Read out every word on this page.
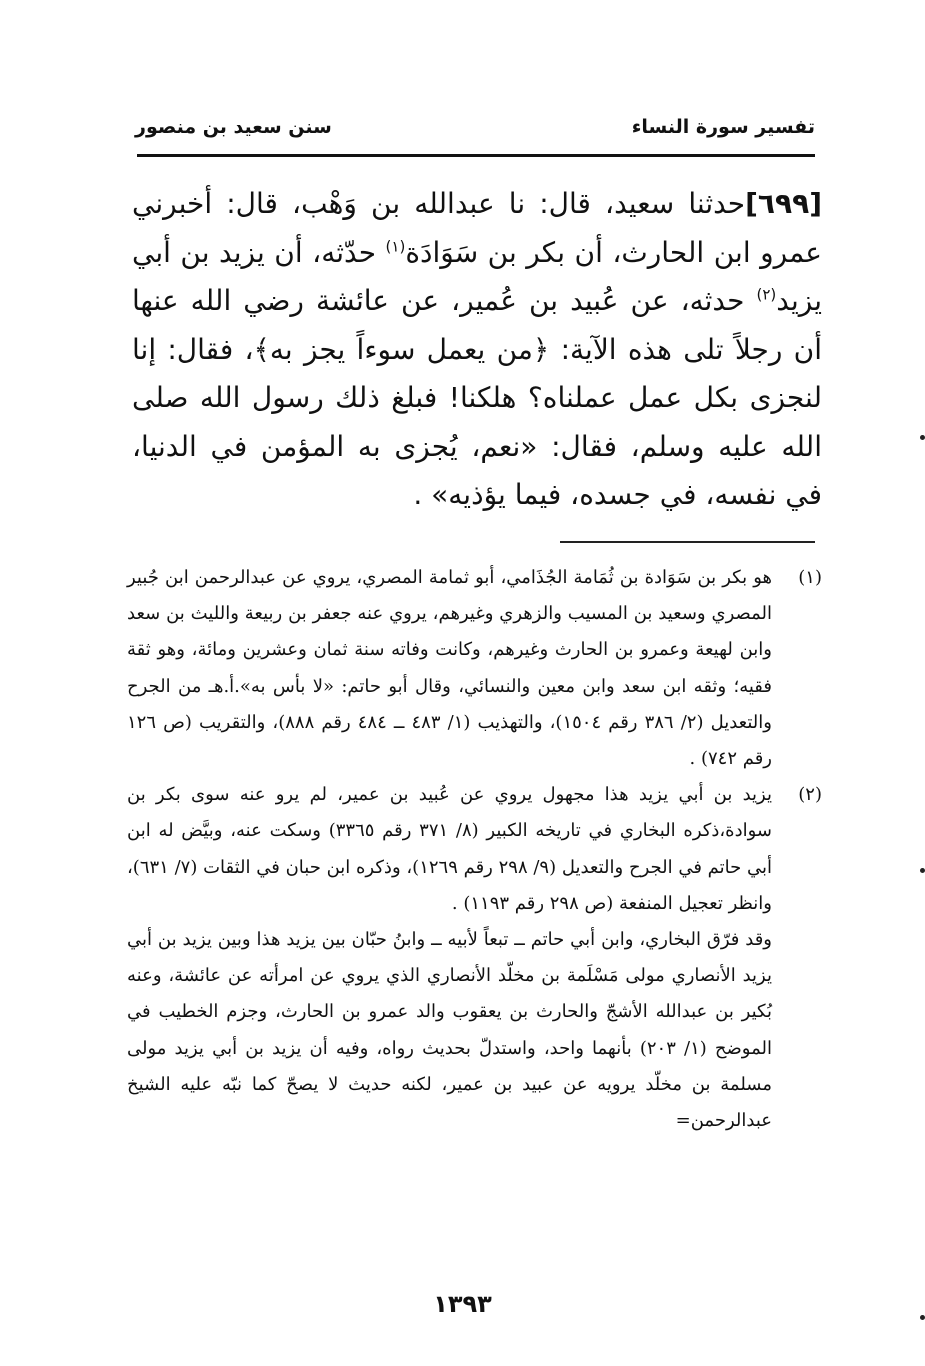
تفسير سورة النساء
سنن سعيد بن منصور

[٦٩٩]حدثنا سعيد، قال: نا عبدالله بن وَهْب، قال: أخبرني عمرو ابن الحارث، أن بكر بن سَوَادَة$^{(١)}$ حدّثه، أن يزيد بن أبي يزيد$^{(٢)}$ حدثه، عن عُبيد بن عُمير، عن عائشة رضي الله عنها أن رجلاً تلى هذه الآية: ﴿من يعمل سوءاً يجز به﴾، فقال: إنا لنجزى بكل عمل عملناه؟ هلكنا! فبلغ ذلك رسول الله صلى الله عليه وسلم، فقال: «نعم، يُجزى به المؤمن في الدنيا، في نفسه، في جسده، فيما يؤذيه» .

(١)
هو بكر بن سَوَادة بن ثُمَامة الجُذَامي، أبو ثمامة المصري، يروي عن عبدالرحمن ابن جُبير المصري وسعيد بن المسيب والزهري وغيرهم، يروي عنه جعفر بن ربيعة والليث بن سعد وابن لهيعة وعمرو بن الحارث وغيرهم، وكانت وفاته سنة ثمان وعشرين ومائة، وهو ثقة فقيه؛ وثقه ابن سعد وابن معين والنسائي، وقال أبو حاتم: «لا بأس به».أ.هـ من الجرح والتعديل (٢/ ٣٨٦ رقم ١٥٠٤)، والتهذيب (١/ ٤٨٣ ــ ٤٨٤ رقم ٨٨٨)، والتقريب (ص ١٢٦ رقم ٧٤٢) .

(٢)
يزيد بن أبي يزيد هذا مجهول يروي عن عُبيد بن عمير، لم يرو عنه سوى بكر بن سوادة،ذكره البخاري في تاريخه الكبير (٨/ ٣٧١ رقم ٣٣٦٥) وسكت عنه، وبيَّض له ابن أبي حاتم في الجرح والتعديل (٩/ ٢٩٨ رقم ١٢٦٩)، وذكره ابن حبان في الثقات (٧/ ٦٣١)، وانظر تعجيل المنفعة (ص ٢٩٨ رقم ١١٩٣) .

وقد فرّق البخاري، وابن أبي حاتم ــ تبعاً لأبيه ــ وابنُ حبّان بين يزيد هذا وبين يزيد بن أبي يزيد الأنصاري مولى مَسْلَمة بن مخلّد الأنصاري الذي يروي عن امرأته عن عائشة، وعنه بُكير بن عبدالله الأشجّ والحارث بن يعقوب والد عمرو بن الحارث، وجزم الخطيب في الموضح (١/ ٢٠٣) بأنهما واحد، واستدلّ بحديث رواه، وفيه أن يزيد بن أبي يزيد مولى مسلمة بن مخلّد يرويه عن عبيد بن عمير، لكنه حديث لا يصحّ كما نبّه عليه الشيخ عبدالرحمن=

١٣٩٣
